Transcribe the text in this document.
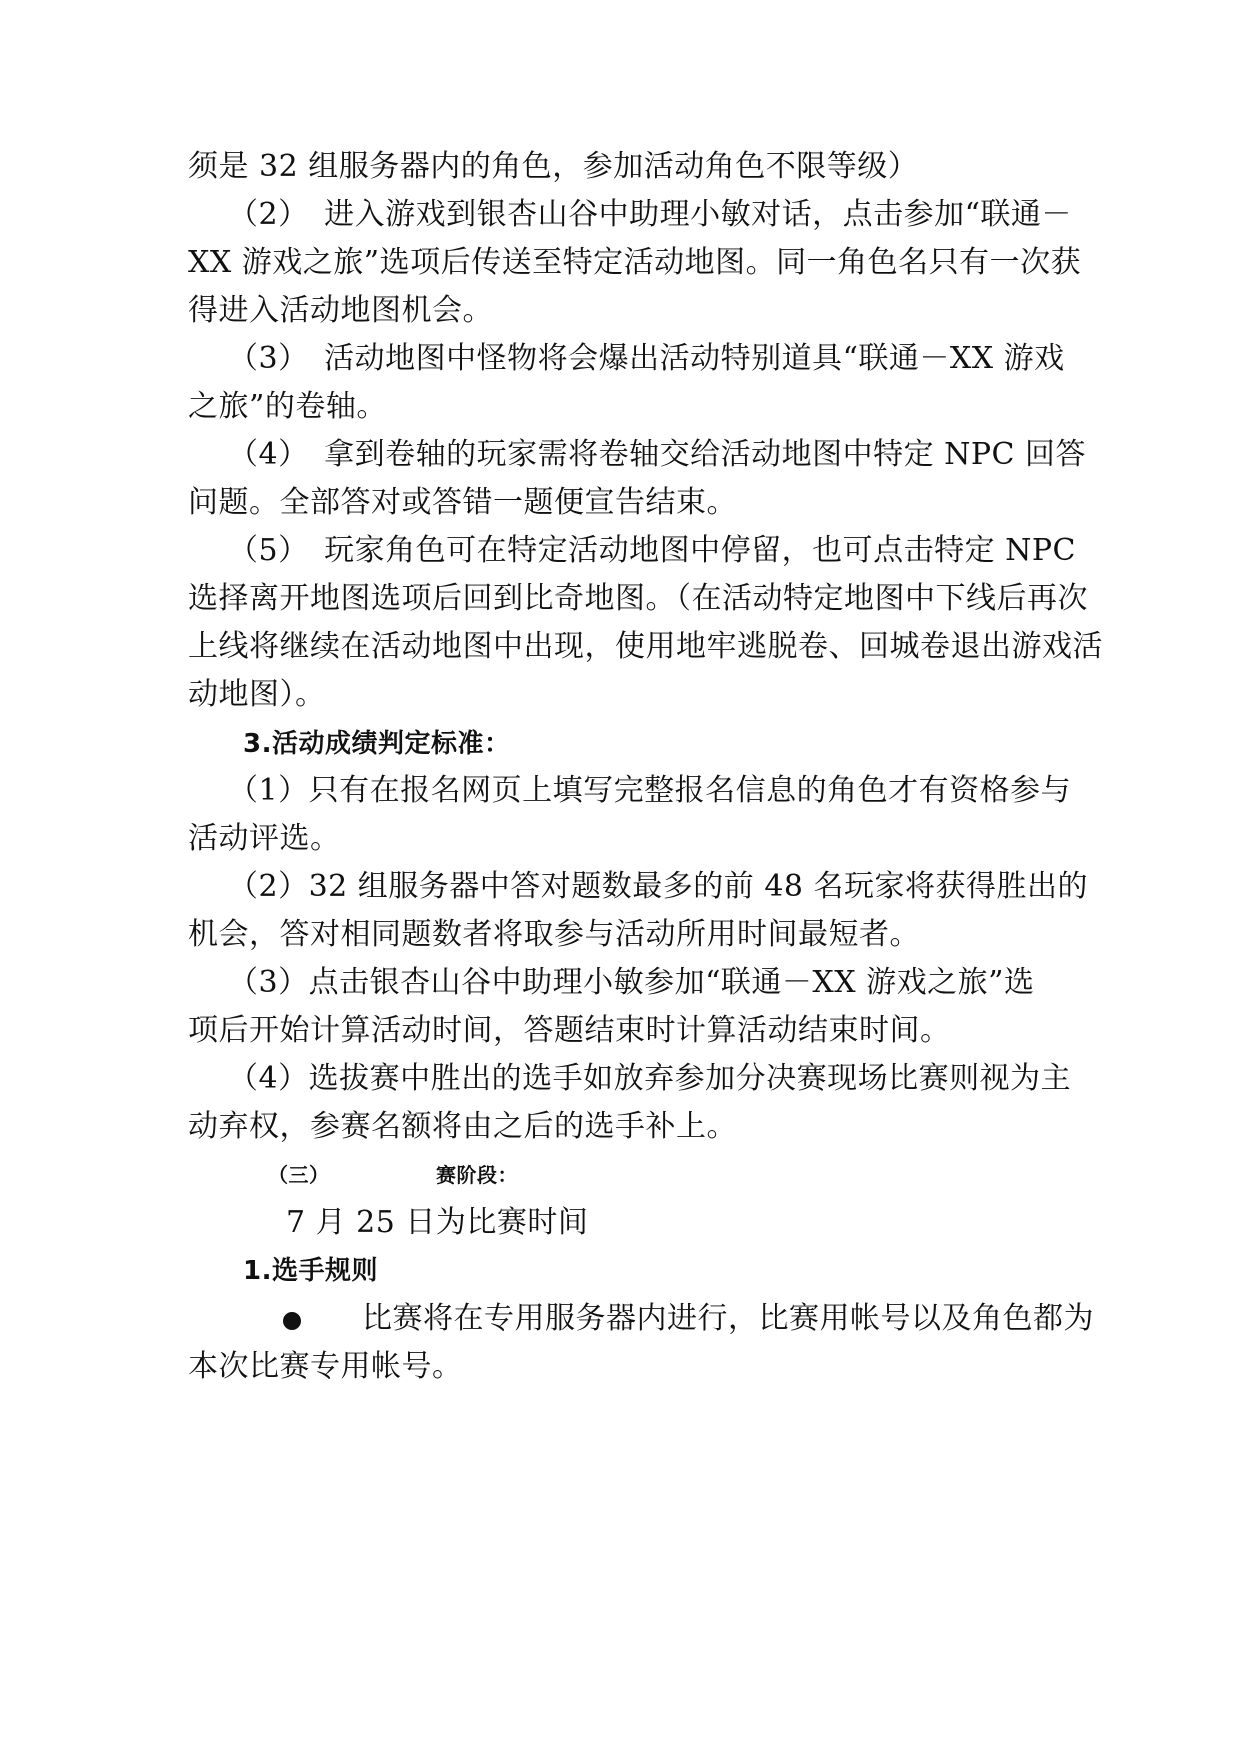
须是 32 组服务器内的角色，参加活动角色不限等级）
（2）　进入游戏到银杏山谷中助理小敏对话，点击参加“联通－
XX 游戏之旅”选项后传送至特定活动地图。同一角色名只有一次获
得进入活动地图机会。
（3）　活动地图中怪物将会爆出活动特别道具“联通－XX 游戏
之旅”的卷轴。
（4）　拿到卷轴的玩家需将卷轴交给活动地图中特定 NPC 回答
问题。全部答对或答错一题便宣告结束。
（5）　玩家角色可在特定活动地图中停留，也可点击特定 NPC
选择离开地图选项后回到比奇地图。（在活动特定地图中下线后再次
上线将继续在活动地图中出现，使用地牢逃脱卷、回城卷退出游戏活
动地图）。
3.活动成绩判定标准：
（1）只有在报名网页上填写完整报名信息的角色才有资格参与
活动评选。
（2）32 组服务器中答对题数最多的前 48 名玩家将获得胜出的
机会，答对相同题数者将取参与活动所用时间最短者。
（3）点击银杏山谷中助理小敏参加“联通－XX 游戏之旅”选
项后开始计算活动时间，答题结束时计算活动结束时间。
（4）选拔赛中胜出的选手如放弃参加分决赛现场比赛则视为主
动弃权，参赛名额将由之后的选手补上。
（三）	赛阶段：
7 月 25 日为比赛时间
1.选手规则
比赛将在专用服务器内进行，比赛用帐号以及角色都为
本次比赛专用帐号。
